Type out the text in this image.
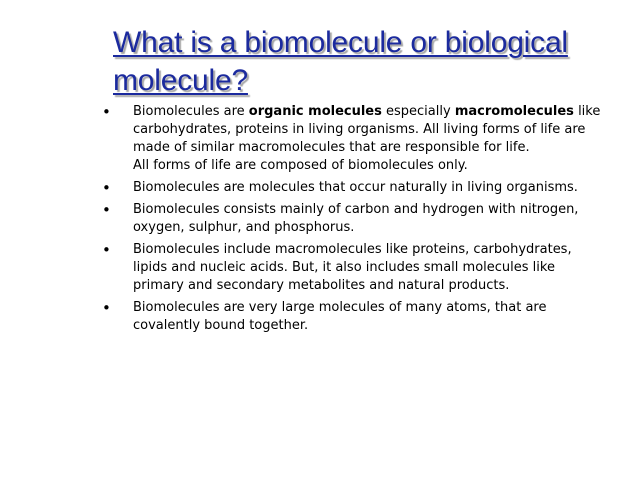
What is a biomolecule or biological
molecule?
• Biomolecules are organic molecules especially macromolecules like carbohydrates, proteins in living organisms. All living forms of life are made of similar macromolecules that are responsible for life.
All forms of life are composed of biomolecules only.
• Biomolecules are molecules that occur naturally in living organisms.
• Biomolecules consists mainly of carbon and hydrogen with nitrogen, oxygen, sulphur, and phosphorus.
• Biomolecules include macromolecules like proteins, carbohydrates, lipids and nucleic acids. But, it also includes small molecules like primary and secondary metabolites and natural products.
• Biomolecules are very large molecules of many atoms, that are covalently bound together.
